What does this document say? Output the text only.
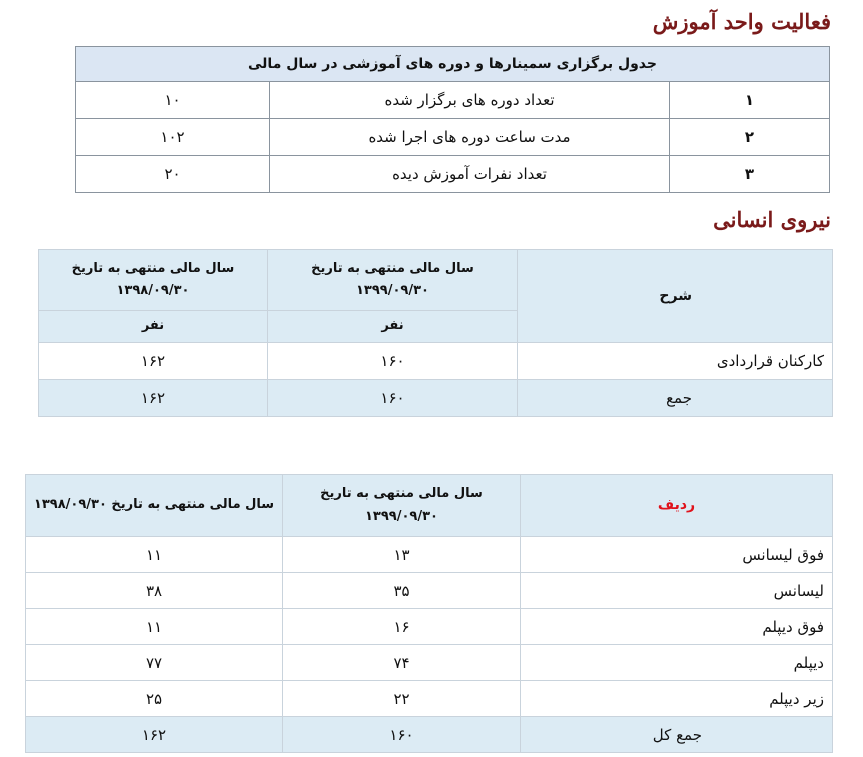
فعالیت واحد آموزش
جدول برگزاری سمینارها و دوره های آموزشی در سال مالی		
۱	تعداد دوره های برگزار شده	۱۰
۲	مدت ساعت دوره های اجرا شده	۱۰۲
۳	تعداد نفرات آموزش دیده	۲۰
نیروی انسانی
شرح	سال مالی منتهی به تاریخ ۱۳۹۹/۰۹/۳۰	سال مالی منتهی به تاریخ ۱۳۹۸/۰۹/۳۰
	نفر	نفر
کارکنان قراردادی	۱۶۰	۱۶۲
جمع	۱۶۰	۱۶۲
ردیف	سال مالی منتهی به تاریخ ۱۳۹۹/۰۹/۳۰	سال مالی منتهی به تاریخ ۱۳۹۸/۰۹/۳۰
فوق لیسانس	۱۳	۱۱
لیسانس	۳۵	۳۸
فوق دیپلم	۱۶	۱۱
دیپلم	۷۴	۷۷
زیر دیپلم	۲۲	۲۵
جمع کل	۱۶۰	۱۶۲
